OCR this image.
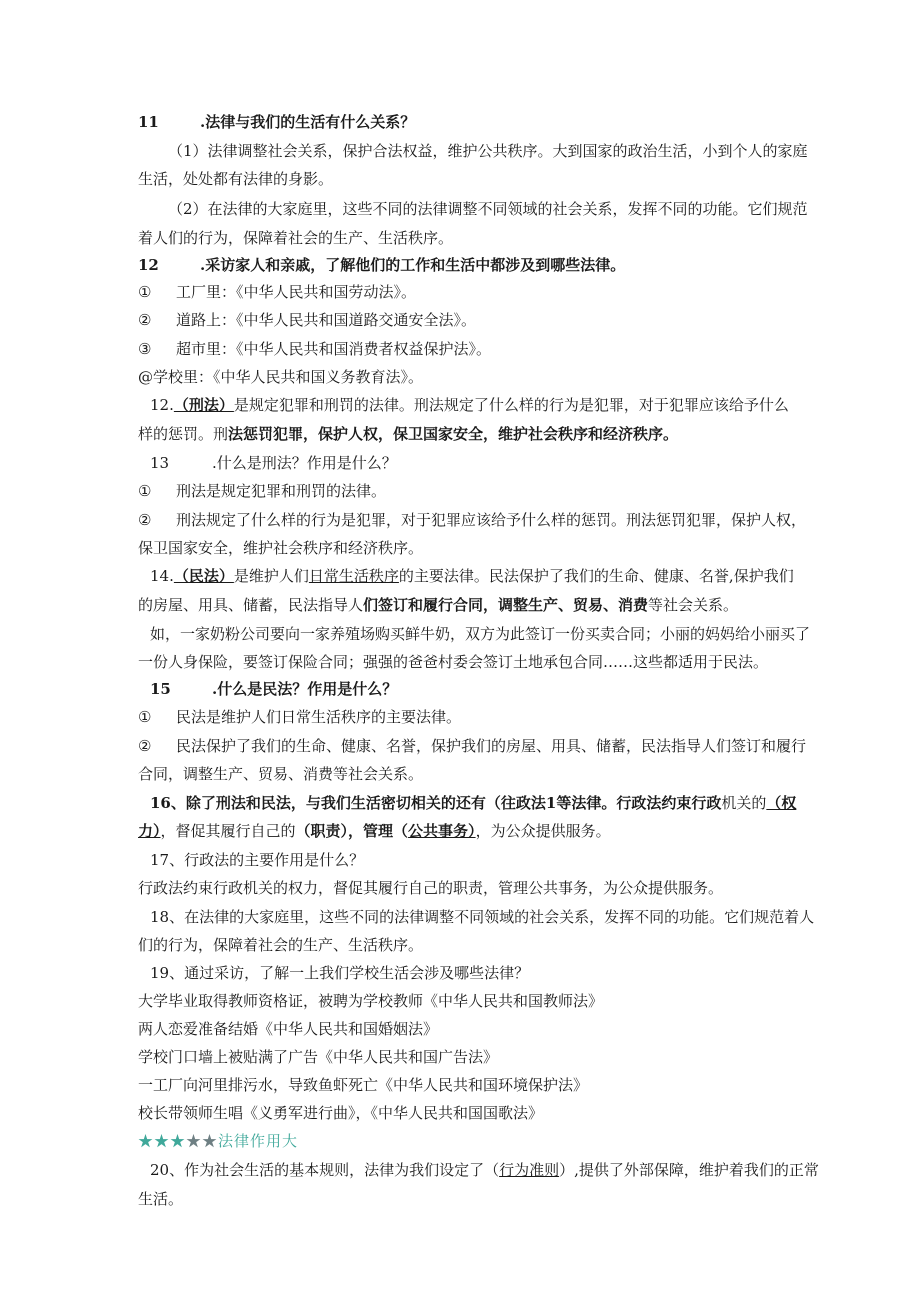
11	.法律与我们的生活有什么关系？
（1）法律调整社会关系，保护合法权益，维护公共秩序。大到国家的政治生活，小到个人的家庭
生活，处处都有法律的身影。
（2）在法律的大家庭里，这些不同的法律调整不同领域的社会关系，发挥不同的功能。它们规范
着人们的行为，保障着社会的生产、生活秩序。
12	.采访家人和亲戚，了解他们的工作和生活中都涉及到哪些法律。
① 工厂里：《中华人民共和国劳动法》。
② 道路上：《中华人民共和国道路交通安全法》。
③ 超市里：《中华人民共和国消费者权益保护法》。
@学校里：《中华人民共和国义务教育法》。
12.（刑法）是规定犯罪和刑罚的法律。刑法规定了什么样的行为是犯罪，对于犯罪应该给予什么
样的惩罚。刑法惩罚犯罪，保护人权，保卫国家安全，维护社会秩序和经济秩序。
13	.什么是刑法？作用是什么？
① 刑法是规定犯罪和刑罚的法律。
② 刑法规定了什么样的行为是犯罪，对于犯罪应该给予什么样的惩罚。刑法惩罚犯罪，保护人权，
保卫国家安全，维护社会秩序和经济秩序。
14.（民法）是维护人们日常生活秩序的主要法律。民法保护了我们的生命、健康、名誉,保护我们
的房屋、用具、储蓄，民法指导人们签订和履行合同，调整生产、贸易、消费等社会关系。
如，一家奶粉公司要向一家养殖场购买鲜牛奶，双方为此签订一份买卖合同；小丽的妈妈给小丽买了
一份人身保险，要签订保险合同；强强的爸爸村委会签订土地承包合同……这些都适用于民法。
15	.什么是民法？作用是什么？
① 民法是维护人们日常生活秩序的主要法律。
② 民法保护了我们的生命、健康、名誉，保护我们的房屋、用具、储蓄，民法指导人们签订和履行
合同，调整生产、贸易、消费等社会关系。
16、除了刑法和民法，与我们生活密切相关的还有（往政法1等法律。行政法约束行政机关的（权
力），督促其履行自己的（职责），管理（公共事务），为公众提供服务。
17、行政法的主要作用是什么？
行政法约束行政机关的权力，督促其履行自己的职责，管理公共事务，为公众提供服务。
18、在法律的大家庭里，这些不同的法律调整不同领域的社会关系，发挥不同的功能。它们规范着人
们的行为，保障着社会的生产、生活秩序。
19、通过采访，了解一上我们学校生活会涉及哪些法律？
大学毕业取得教师资格证，被聘为学校教师《中华人民共和国教师法》
两人恋爱准备结婚《中华人民共和国婚姻法》
学校门口墙上被贴满了广告《中华人民共和国广告法》
一工厂向河里排污水，导致鱼虾死亡《中华人民共和国环境保护法》
校长带领师生唱《义勇军进行曲》，《中华人民共和国国歌法》
★★★★★法律作用大
20、作为社会生活的基本规则，法律为我们设定了（行为准则）,提供了外部保障，维护着我们的正常
生活。
